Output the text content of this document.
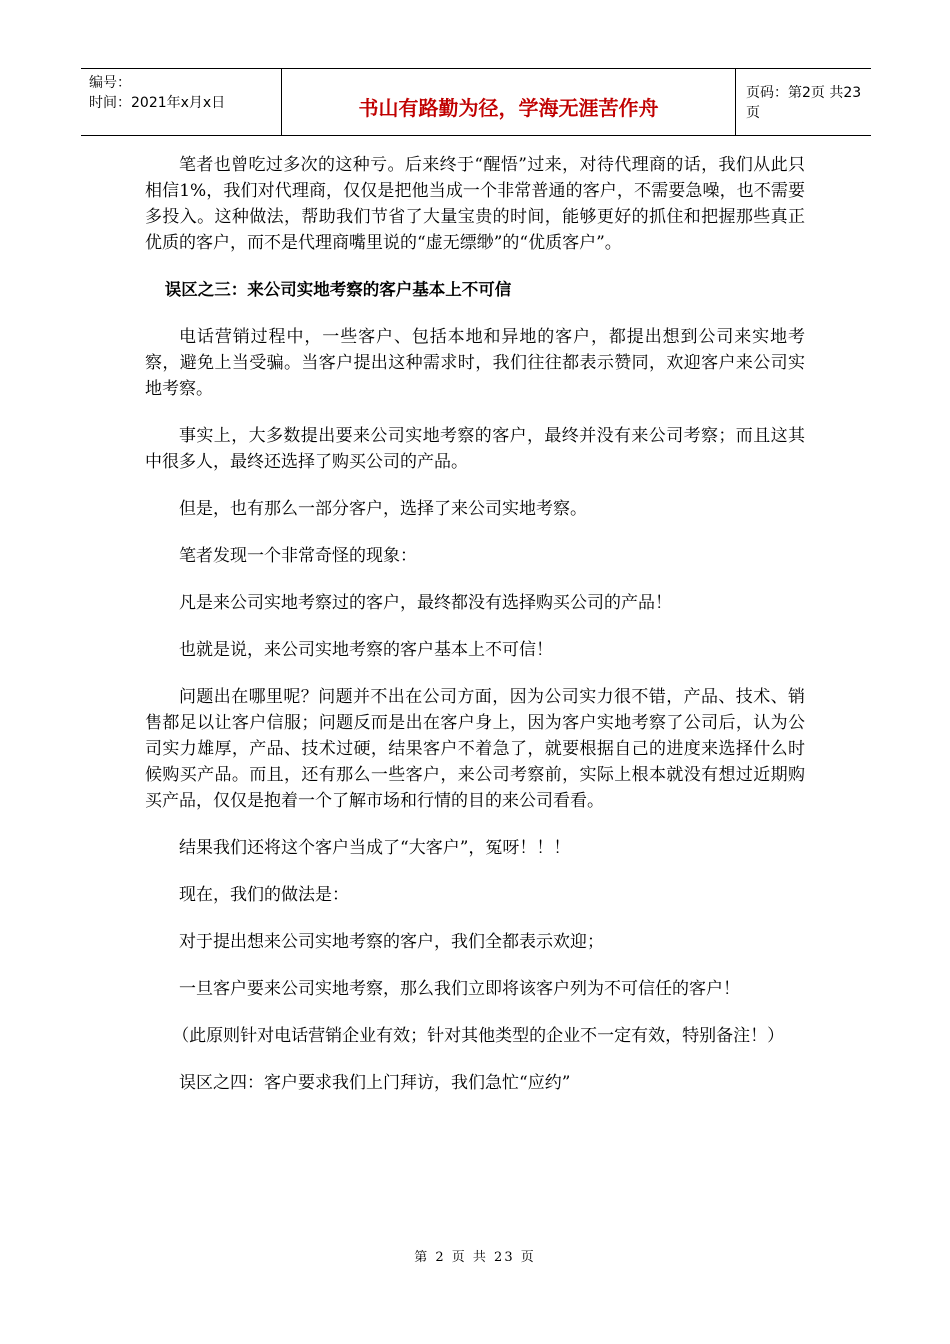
编号：
时间：2021年x月x日	书山有路勤为径，学海无涯苦作舟
页码：第2页 共23页

笔者也曾吃过多次的这种亏。后来终于“醒悟”过来，对待代理商的话，我们从此只相信1%，我们对代理商，仅仅是把他当成一个非常普通的客户，不需要急噪，也不需要多投入。这种做法，帮助我们节省了大量宝贵的时间，能够更好的抓住和把握那些真正优质的客户，而不是代理商嘴里说的“虚无缥缈”的“优质客户”。

误区之三：来公司实地考察的客户基本上不可信

电话营销过程中，一些客户、包括本地和异地的客户，都提出想到公司来实地考察，避免上当受骗。当客户提出这种需求时，我们往往都表示赞同，欢迎客户来公司实地考察。

事实上，大多数提出要来公司实地考察的客户，最终并没有来公司考察；而且这其中很多人，最终还选择了购买公司的产品。

但是，也有那么一部分客户，选择了来公司实地考察。

笔者发现一个非常奇怪的现象：

凡是来公司实地考察过的客户，最终都没有选择购买公司的产品！

也就是说，来公司实地考察的客户基本上不可信！

问题出在哪里呢？问题并不出在公司方面，因为公司实力很不错，产品、技术、销售都足以让客户信服；问题反而是出在客户身上，因为客户实地考察了公司后，认为公司实力雄厚，产品、技术过硬，结果客户不着急了，就要根据自己的进度来选择什么时候购买产品。而且，还有那么一些客户，来公司考察前，实际上根本就没有想过近期购买产品，仅仅是抱着一个了解市场和行情的目的来公司看看。

结果我们还将这个客户当成了“大客户”，冤呀！！！

现在，我们的做法是：

对于提出想来公司实地考察的客户，我们全都表示欢迎；

一旦客户要来公司实地考察，那么我们立即将该客户列为不可信任的客户！

（此原则针对电话营销企业有效；针对其他类型的企业不一定有效，特别备注！）

误区之四：客户要求我们上门拜访，我们急忙“应约”

第 2 页 共 23 页
